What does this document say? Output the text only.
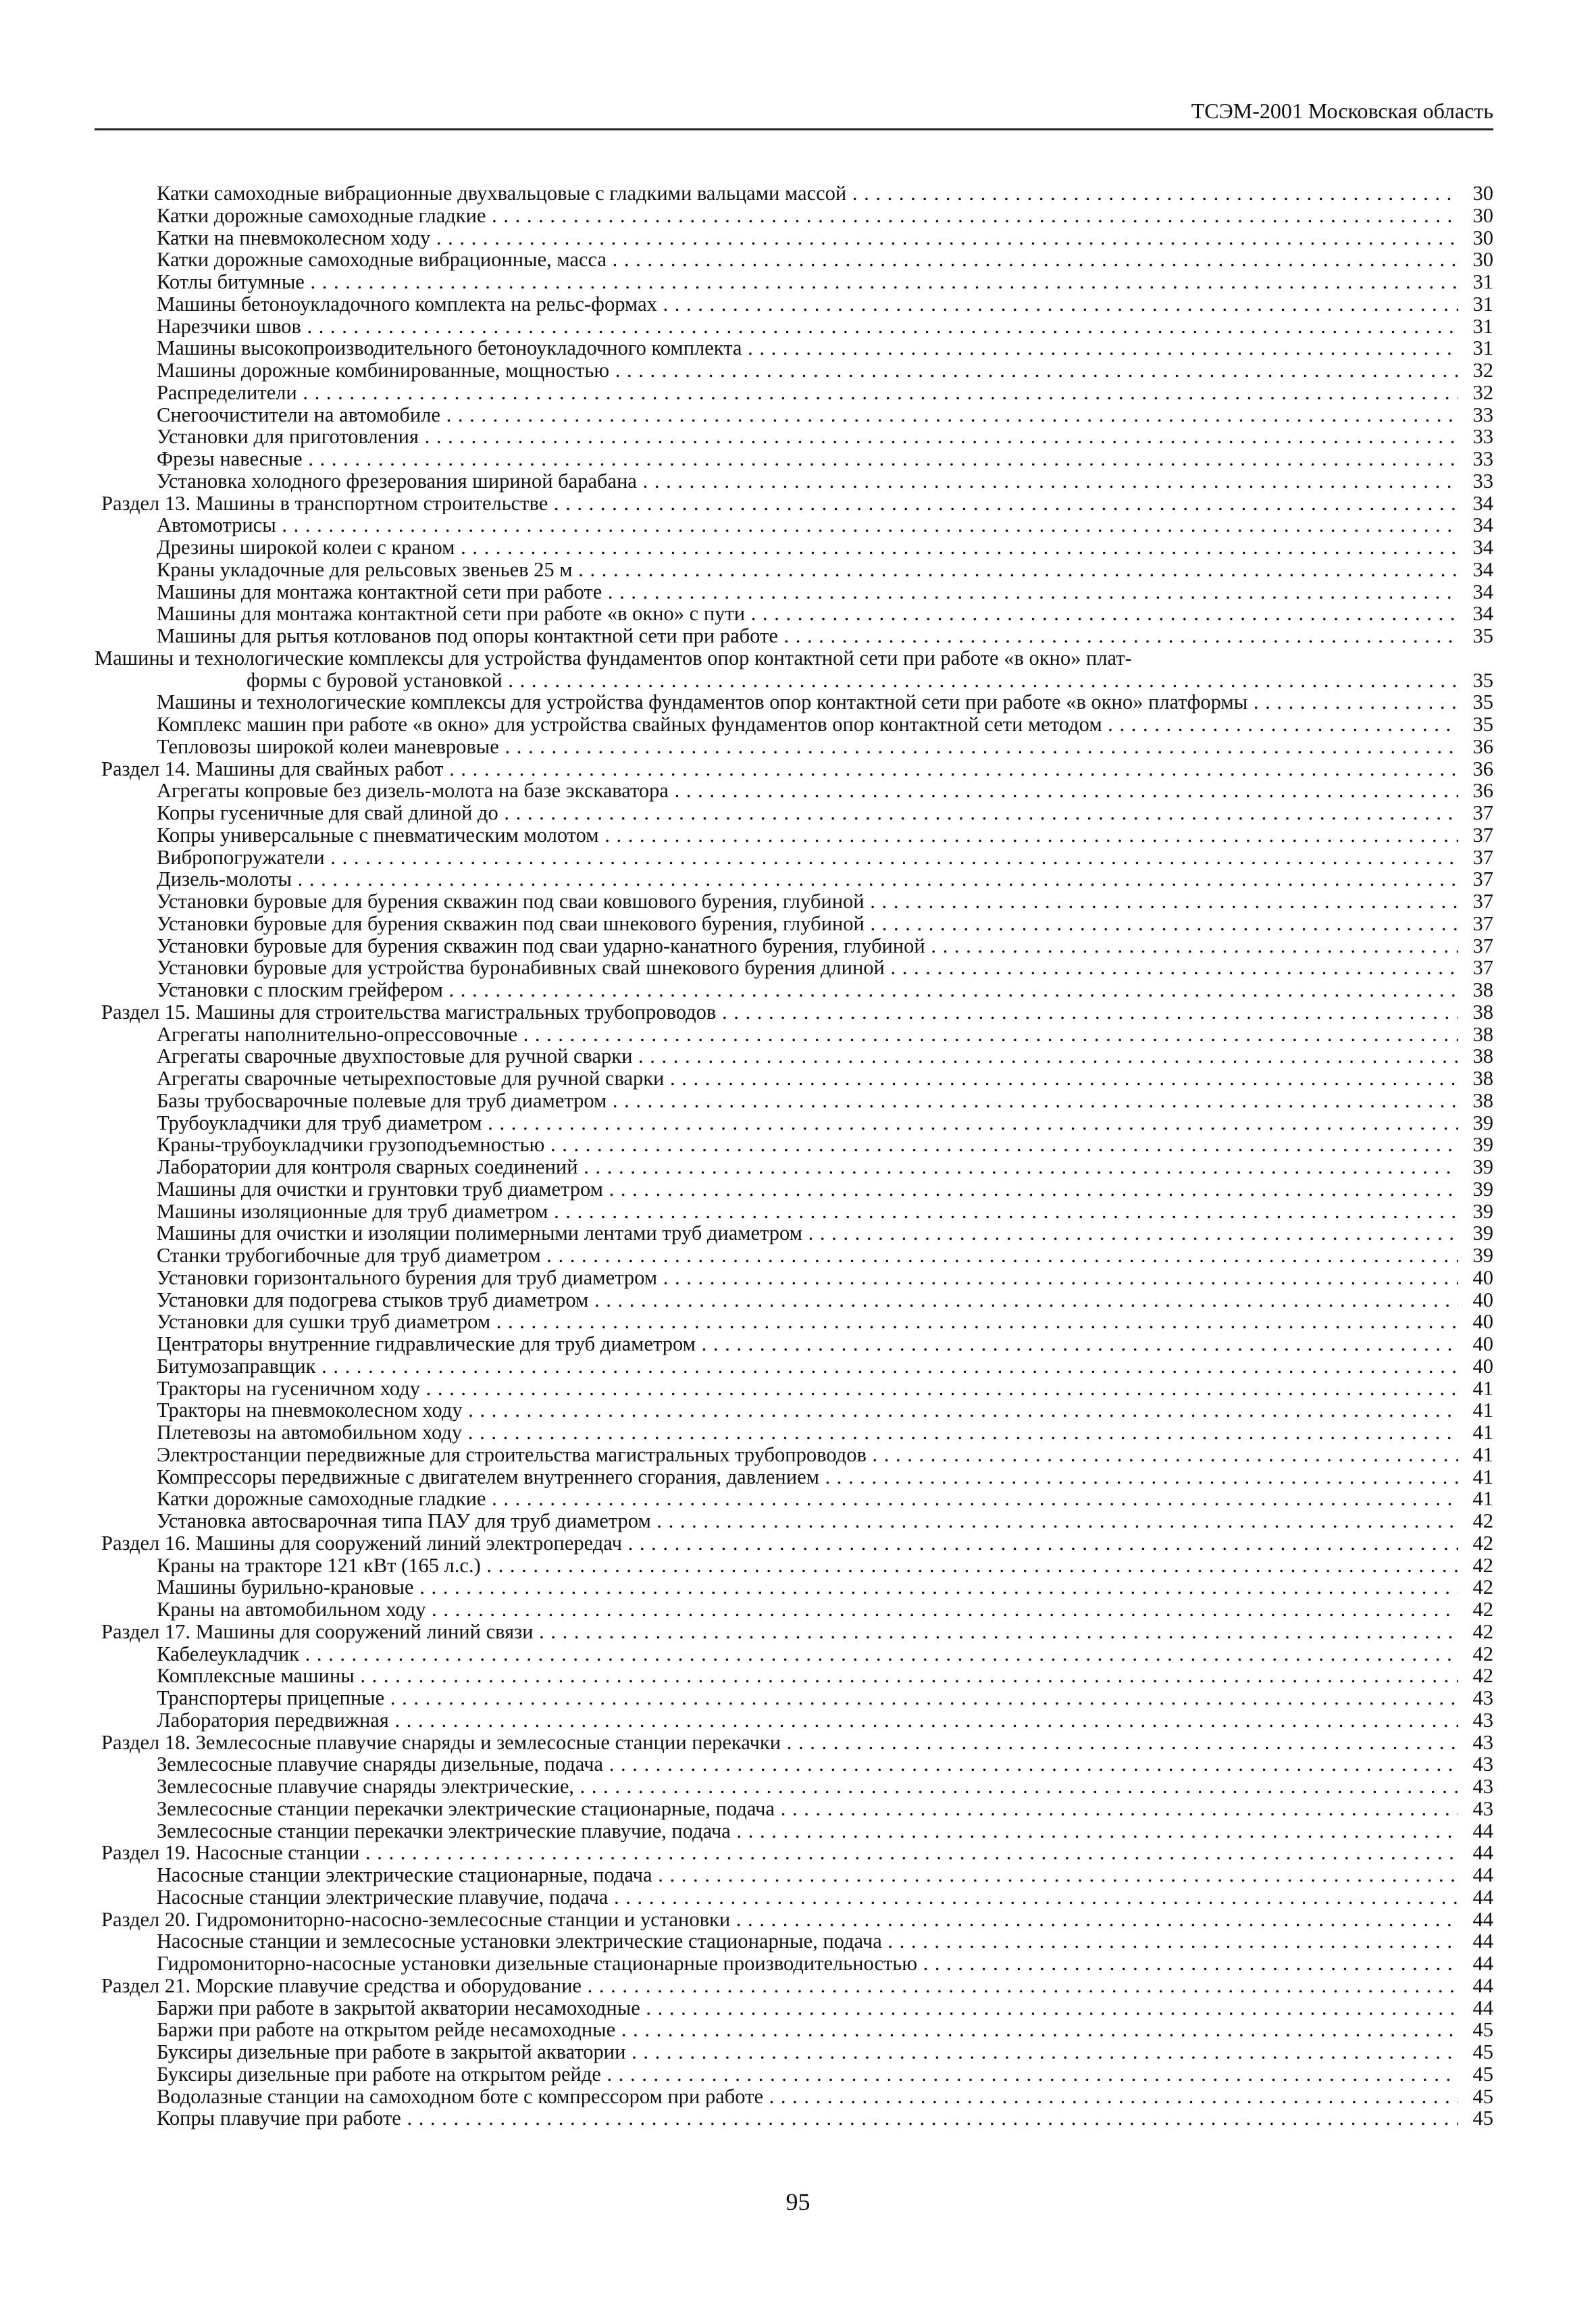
ТСЭМ-2001 Московская область
Катки самоходные вибрационные двухвальцовые с гладкими вальцами массой . . .	30
Катки дорожные самоходные гладкие . . .	30
Катки на пневмоколесном ходу . . .	30
Катки дорожные самоходные вибрационные, масса . . .	30
Котлы битумные . . .	31
Машины бетоноукладочного комплекта на рельс-формах . . .	31
Нарезчики швов . . .	31
Машины высокопроизводительного бетоноукладочного комплекта . . .	31
Машины дорожные комбинированные, мощностью . . .	32
Распределители . . .	32
Снегоочистители на автомобиле . . .	33
Установки для приготовления . . .	33
Фрезы навесные . . .	33
Установка холодного фрезерования шириной барабана . . .	33
Раздел 13. Машины в транспортном строительстве . . .	34
Автомотрисы . . .	34
Дрезины широкой колеи с краном . . .	34
Краны укладочные для рельсовых звеньев 25 м . . .	34
Машины для монтажа контактной сети при работе . . .	34
Машины для монтажа контактной сети при работе «в окно» с пути . . .	34
Машины для рытья котлованов под опоры контактной сети при работе . . .	35
Машины и технологические комплексы для устройства фундаментов опор контактной сети при работе «в окно» плат-
формы с буровой установкой . . .	35
Машины и технологические комплексы для устройства фундаментов опор контактной сети при работе «в окно» платформы . . .	35
Комплекс машин при работе «в окно» для устройства свайных фундаментов опор контактной сети методом . . .	35
Тепловозы широкой колеи маневровые . . .	36
Раздел 14. Машины для свайных работ . . .	36
Агрегаты копровые без дизель-молота на базе экскаватора . . .	36
Копры гусеничные для свай длиной до . . .	37
Копры универсальные с пневматическим молотом . . .	37
Вибропогружатели . . .	37
Дизель-молоты . . .	37
Установки буровые для бурения скважин под сваи ковшового бурения, глубиной . . .	37
Установки буровые для бурения скважин под сваи шнекового бурения, глубиной . . .	37
Установки буровые для бурения скважин под сваи ударно-канатного бурения, глубиной . . .	37
Установки буровые для устройства буронабивных свай шнекового бурения длиной . . .	37
Установки с плоским грейфером . . .	38
Раздел 15. Машины для строительства магистральных трубопроводов . . .	38
Агрегаты наполнительно-опрессовочные . . .	38
Агрегаты сварочные двухпостовые для ручной сварки . . .	38
Агрегаты сварочные четырехпостовые для ручной сварки . . .	38
Базы трубосварочные полевые для труб диаметром . . .	38
Трубоукладчики для труб диаметром . . .	39
Краны-трубоукладчики грузоподъемностью . . .	39
Лаборатории для контроля сварных соединений . . .	39
Машины для очистки и грунтовки труб диаметром . . .	39
Машины изоляционные для труб диаметром . . .	39
Машины для очистки и изоляции полимерными лентами труб диаметром . . .	39
Станки трубогибочные для труб диаметром . . .	39
Установки горизонтального бурения для труб диаметром . . .	40
Установки для подогрева стыков труб диаметром . . .	40
Установки для сушки труб диаметром . . .	40
Центраторы внутренние гидравлические для труб диаметром . . .	40
Битумозаправщик . . .	40
Тракторы на гусеничном ходу . . .	41
Тракторы на пневмоколесном ходу . . .	41
Плетевозы на автомобильном ходу . . .	41
Электростанции передвижные для строительства магистральных трубопроводов . . .	41
Компрессоры передвижные с двигателем внутреннего сгорания, давлением . . .	41
Катки дорожные самоходные гладкие . . .	41
Установка автосварочная типа ПАУ для труб диаметром . . .	42
Раздел 16. Машины для сооружений линий электропередач . . .	42
Краны на тракторе 121 кВт (165 л.с.) . . .	42
Машины бурильно-крановые . . .	42
Краны на автомобильном ходу . . .	42
Раздел 17. Машины для сооружений линий связи . . .	42
Кабелеукладчик . . .	42
Комплексные машины . . .	42
Транспортеры прицепные . . .	43
Лаборатория передвижная . . .	43
Раздел 18. Землесосные плавучие снаряды и землесосные станции перекачки . . .	43
Землесосные плавучие снаряды дизельные, подача . . .	43
Землесосные плавучие снаряды электрические, . . .	43
Землесосные станции перекачки электрические стационарные, подача . . .	43
Землесосные станции перекачки электрические плавучие, подача . . .	44
Раздел 19. Насосные станции . . .	44
Насосные станции электрические стационарные, подача . . .	44
Насосные станции электрические плавучие, подача . . .	44
Раздел 20. Гидромониторно-насосно-землесосные станции и установки . . .	44
Насосные станции и землесосные установки электрические стационарные, подача . . .	44
Гидромониторно-насосные установки дизельные стационарные производительностью . . .	44
Раздел 21. Морские плавучие средства и оборудование . . .	44
Баржи при работе в закрытой акватории несамоходные . . .	44
Баржи при работе на открытом рейде несамоходные . . .	45
Буксиры дизельные при работе в закрытой акватории . . .	45
Буксиры дизельные при работе на открытом рейде . . .	45
Водолазные станции на самоходном боте с компрессором при работе . . .	45
Копры плавучие при работе . . .	45
95
